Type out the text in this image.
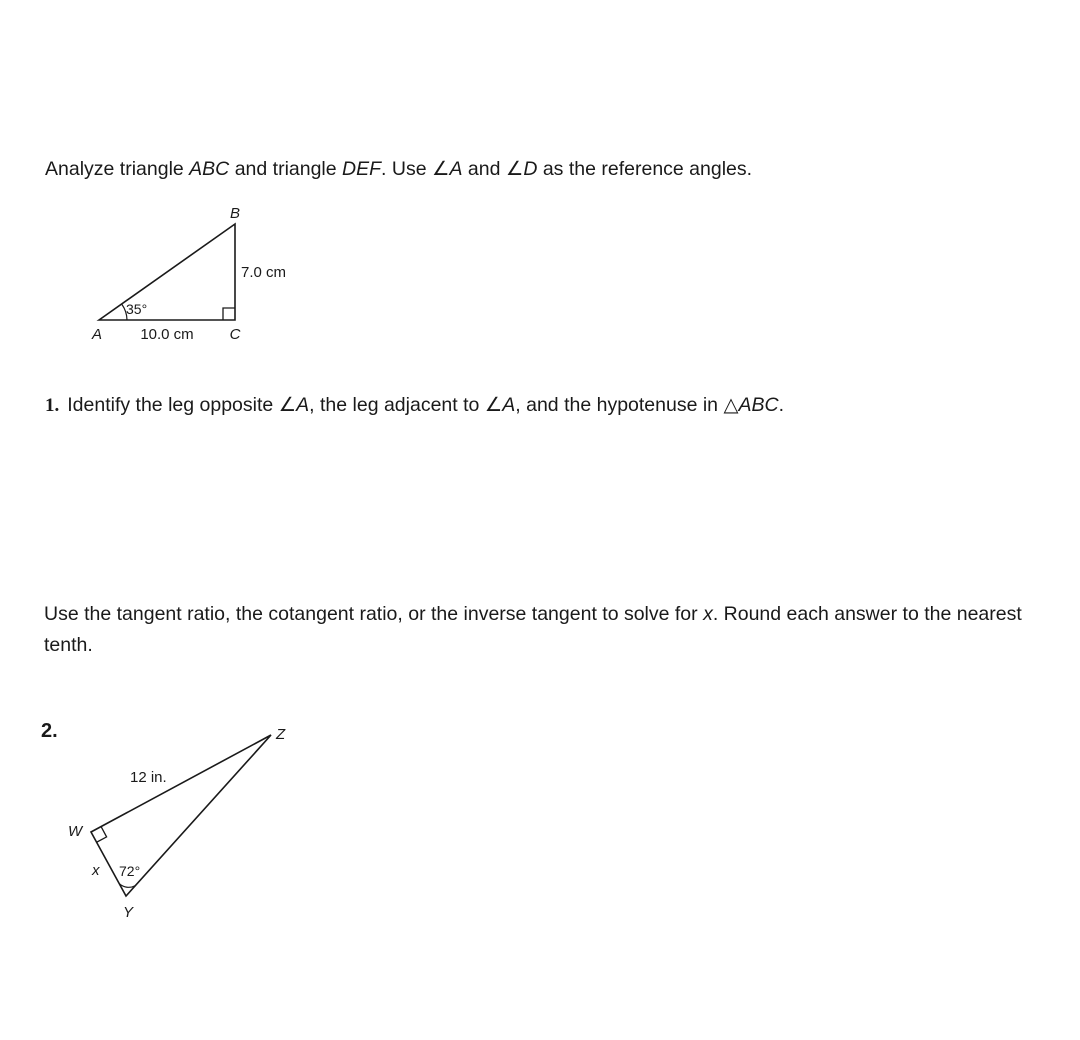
Analyze triangle ABC and triangle DEF. Use ∠A and ∠D as the reference angles.
B
A	C
35°
7.0 cm
10.0 cm
1. Identify the leg opposite ∠A, the leg adjacent to ∠A, and the hypotenuse in △ABC.
Use the tangent ratio, the cotangent ratio, or the inverse tangent to solve for x. Round each answer to the nearest tenth.
2.	Z
W
Y
12 in.
x 72°
